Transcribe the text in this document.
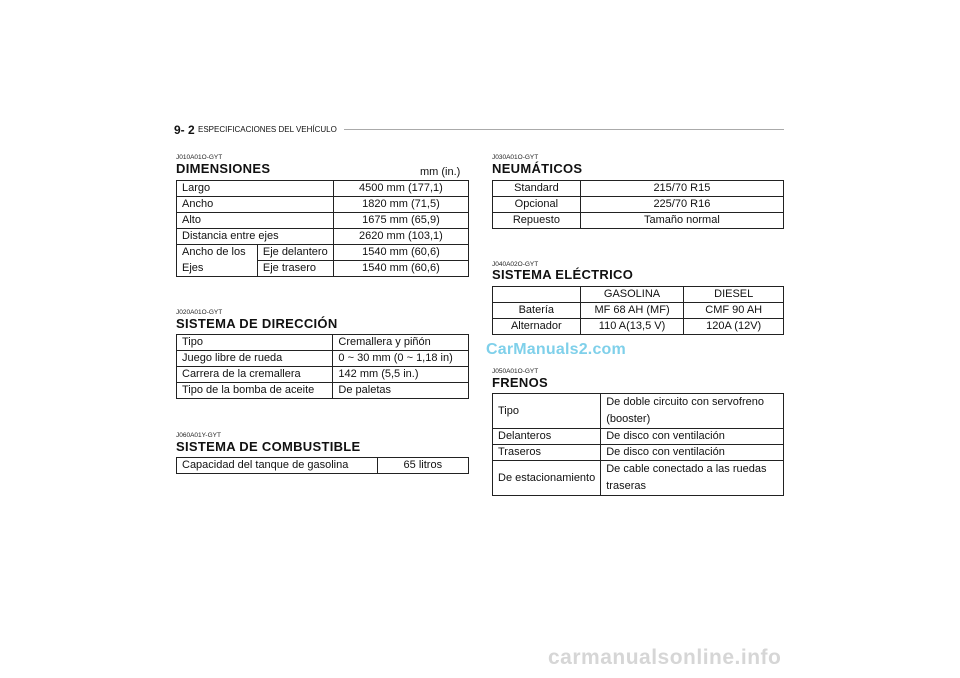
9- 2 ESPECIFICACIONES DEL VEHÍCULO
J010A01O-GYT
DIMENSIONES	mm (in.)
Largo		4500 mm (177,1)
Ancho		1820 mm (71,5)
Alto		1675 mm (65,9)
Distancia entre ejes		2620 mm (103,1)
Ancho de los	Eje delantero	1540 mm (60,6)
Ejes	Eje trasero	1540 mm (60,6)
J020A01O-GYT
SISTEMA DE DIRECCIÓN
Tipo	Cremallera y piñón
Juego libre de rueda	0 ~ 30 mm (0 ~ 1,18 in)
Carrera de la cremallera	142 mm (5,5 in.)
Tipo de la bomba de aceite	De paletas
J060A01Y-GYT
SISTEMA DE COMBUSTIBLE
Capacidad del tanque de gasolina	65 litros
J030A01O-GYT
NEUMÁTICOS
Standard	215/70 R15
Opcional	225/70 R16
Repuesto	Tamaño normal
J040A02O-GYT
SISTEMA ELÉCTRICO
	GASOLINA	DIESEL
Batería	MF 68 AH (MF)	CMF 90 AH
Alternador	110 A(13,5 V)	120A (12V)
CarManuals2.com
J050A01O-GYT
FRENOS
Tipo	De doble circuito con servofreno (booster)
Delanteros	De disco con ventilación
Traseros	De disco con ventilación
De estacionamiento	De cable conectado a las ruedas traseras
carmanualsonline.info
